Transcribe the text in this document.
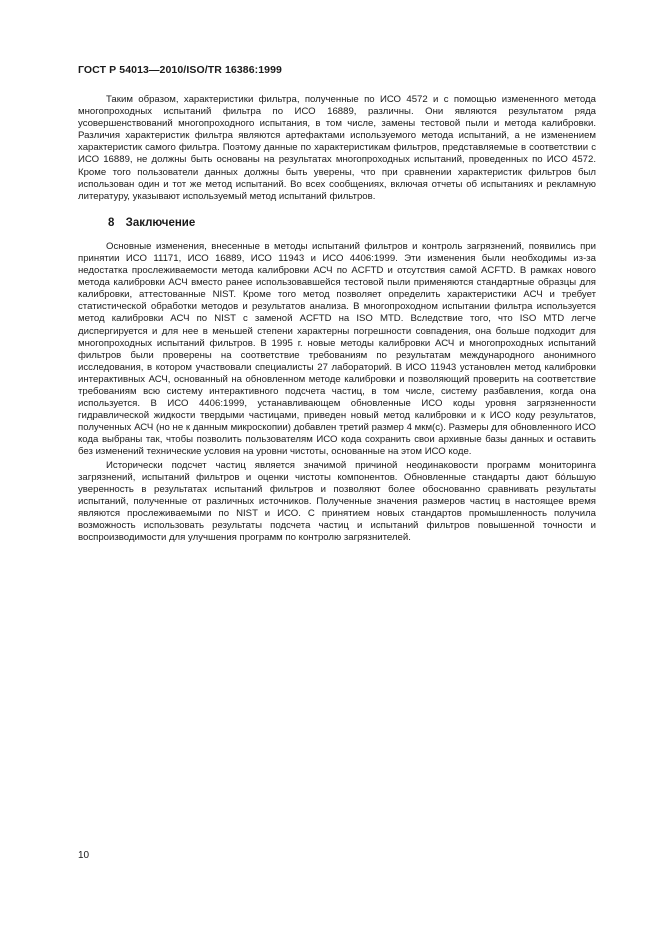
ГОСТ Р 54013—2010/ISO/TR 16386:1999

Таким образом, характеристики фильтра, полученные по ИСО 4572 и с помощью измененного метода многопроходных испытаний фильтра по ИСО 16889, различны. Они являются результатом ряда усовершенствований многопроходного испытания, в том числе, замены тестовой пыли и метода калибровки. Различия характеристик фильтра являются артефактами используемого метода испытаний, а не изменением характеристик самого фильтра. Поэтому данные по характеристикам фильтров, представляемые в соответствии с ИСО 16889, не должны быть основаны на результатах многопроходных испытаний, проведенных по ИСО 4572. Кроме того пользователи данных должны быть уверены, что при сравнении характеристик фильтров был использован один и тот же метод испытаний. Во всех сообщениях, включая отчеты об испытаниях и рекламную литературу, указывают используемый метод испытаний фильтров.

8 Заключение

Основные изменения, внесенные в методы испытаний фильтров и контроль загрязнений, появились при принятии ИСО 11171, ИСО 16889, ИСО 11943 и ИСО 4406:1999. Эти изменения были необходимы из-за недостатка прослеживаемости метода калибровки АСЧ по ACFTD и отсутствия самой ACFTD. В рамках нового метода калибровки АСЧ вместо ранее использовавшейся тестовой пыли применяются стандартные образцы для калибровки, аттестованные NIST. Кроме того метод позволяет определить характеристики АСЧ и требует статистической обработки методов и результатов анализа. В многопроходном испытании фильтра используется метод калибровки АСЧ по NIST с заменой ACFTD на ISO MTD. Вследствие того, что ISO MTD легче диспергируется и для нее в меньшей степени характерны погрешности совпадения, она больше подходит для многопроходных испытаний фильтров. В 1995 г. новые методы калибровки АСЧ и многопроходных испытаний фильтров были проверены на соответствие требованиям по результатам международного анонимного исследования, в котором участвовали специалисты 27 лабораторий. В ИСО 11943 установлен метод калибровки интерактивных АСЧ, основанный на обновленном методе калибровки и позволяющий проверить на соответствие требованиям всю систему интерактивного подсчета частиц, в том числе, систему разбавления, когда она используется. В ИСО 4406:1999, устанавливающем обновленные ИСО коды уровня загрязненности гидравлической жидкости твердыми частицами, приведен новый метод калибровки и к ИСО коду результатов, полученных АСЧ (но не к данным микроскопии) добавлен третий размер 4 мкм(с). Размеры для обновленного ИСО кода выбраны так, чтобы позволить пользователям ИСО кода сохранить свои архивные базы данных и оставить без изменений технические условия на уровни чистоты, основанные на этом ИСО коде.

Исторически подсчет частиц является значимой причиной неодинаковости программ мониторинга загрязнений, испытаний фильтров и оценки чистоты компонентов. Обновленные стандарты дают бо́льшую уверенность в результатах испытаний фильтров и позволяют более обоснованно сравнивать результаты испытаний, полученные от различных источников. Полученные значения размеров частиц в настоящее время являются прослеживаемыми по NIST и ИСО. С принятием новых стандартов промышленность получила возможность использовать результаты подсчета частиц и испытаний фильтров повышенной точности и воспроизводимости для улучшения программ по контролю загрязнителей.

10
